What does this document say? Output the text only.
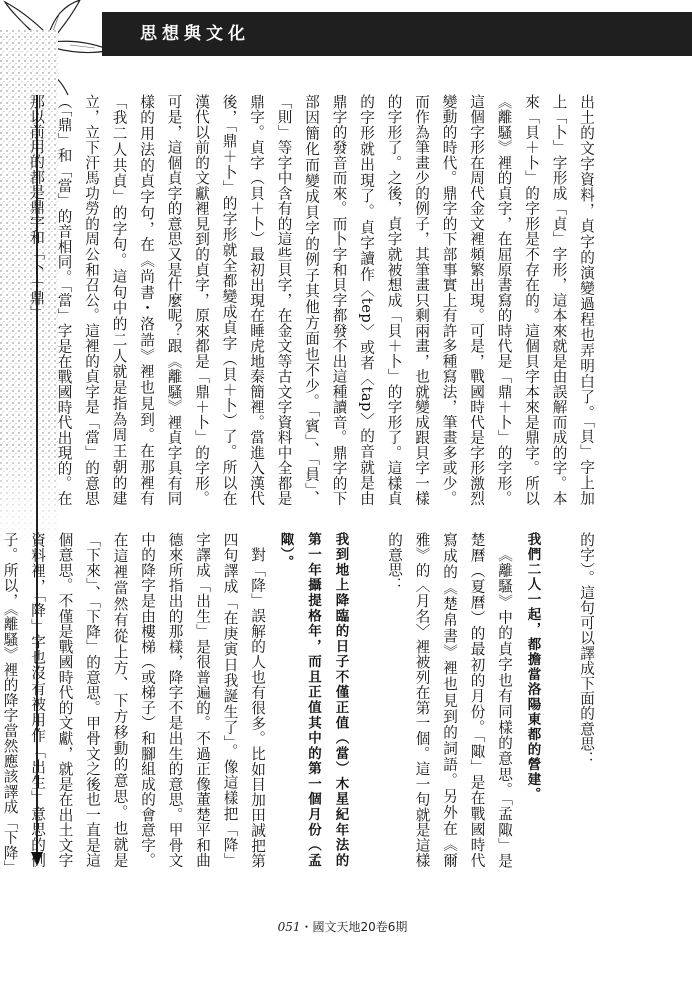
思想與文化

出土的文字資料，貞字的演變過程也弄明白了。「貝」字上加上「卜」字形成「貞」字形，這本來就是由誤解而成的字。本來「貝＋卜」的字形是不存在的。這個貝字本來是鼎字。所以《離騷》裡的貞字，在屈原書寫的時代是「鼎＋卜」的字形。這個字形在周代金文裡頻繁出現。可是，戰國時代是字形激烈變動的時代。鼎字的下部事實上有許多種寫法，筆畫多或少。而作為筆畫少的例子，其筆畫只剩兩畫，也就變成跟貝字一樣的字形了。之後，貞字就被想成「貝＋卜」的字形了。這樣貞的字形就出現了。貞字讀作〈tep〉或者〈tap〉的音就是由鼎字的發音而來。而卜字和貝字都發不出這種讀音。鼎字的下部因簡化而變成貝字的例子其他方面也不少。「賓」、「員」、「則」等字中含有的這些貝字，在金文等古文字資料中全都是鼎字。貞字（貝＋卜）最初出現在睡虎地秦簡裡。當進入漢代後，「鼎＋卜」的字形就全都變成貞字（貝＋卜）了。所以在漢代以前的文獻裡見到的貞字，原來都是「鼎＋卜」的字形。可是，這個貞字的意思又是什麼呢？跟《離騷》裡貞字具有同樣的用法的貞字句，在《尚書・洛誥》裡也見到。在那裡有「我二人共貞」的字句。這句中的二人就是指為周王朝的建立，立下汗馬功勞的周公和召公。這裡的貞字是「當」的意思（「鼎」和「當」的音相同。「當」字是在戰國時代出現的。在那以前用的都是鼎字和「卜＋鼎」

的字）。這句可以譯成下面的意思：

我們二人一起，都擔當洛陽東都的營建。

《離騷》中的貞字也有同樣的意思。「孟陬」是楚曆（夏曆）的最初的月份。「陬」是在戰國時代寫成的《楚帛書》裡也見到的詞語。另外在《爾雅》的〈月名〉裡被列在第一個。這一句就是這樣的意思：

我到地上降臨的日子不僅正值（當）木星紀年法的第一年攝提格年，而且正值其中的第一個月份（孟陬）。

對「降」誤解的人也有很多。比如目加田誠把第四句譯成「在庚寅日我誕生了」。像這樣把「降」字譯成「出生」是很普遍的。不過正像董楚平和曲德來所指出的那樣，降字不是出生的意思。甲骨文中的降字是由樓梯（或梯子）和腳組成的會意字。在這裡當然有從上方、下方移動的意思。也就是「下來」、「下降」的意思。甲骨文之後也一直是這個意思。不僅是戰國時代的文獻，就是在出土文字資料裡，「降」字也沒有被用作「出生」意思的例子。所以，《離騷》裡的降字當然應該譯成「下降」

051・國文天地20卷6期
